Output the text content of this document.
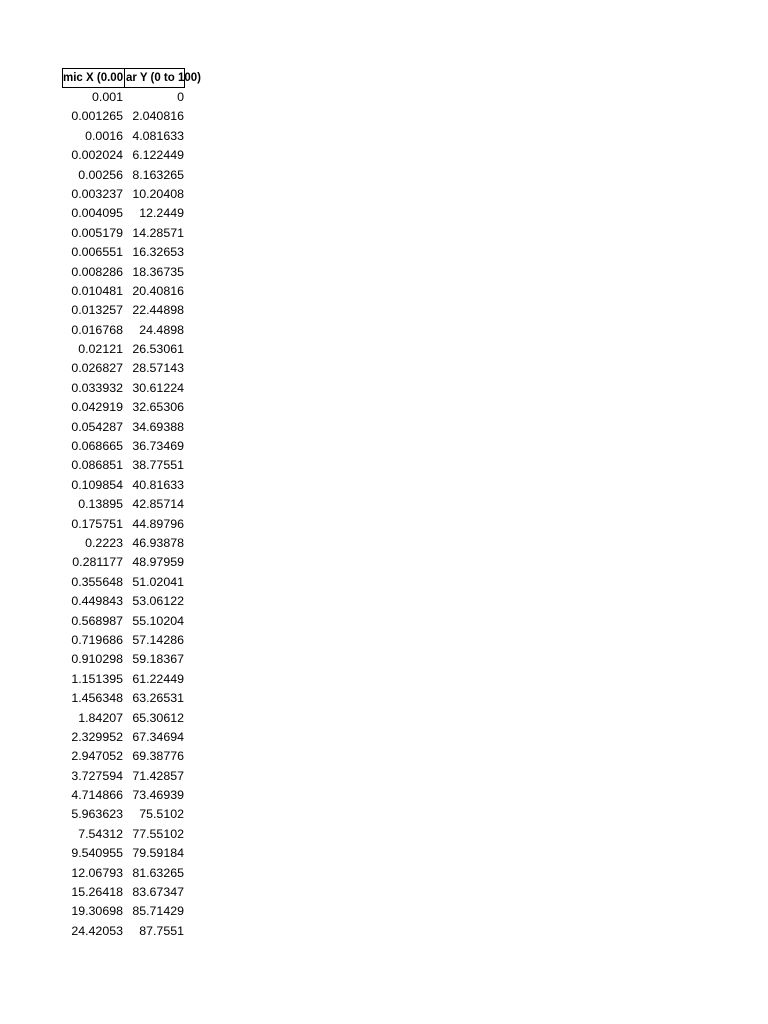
mic X (0.00 ar Y (0 to 100)
0.001	0
0.001265 2.040816
0.0016 4.081633
0.002024 6.122449
0.00256 8.163265
0.003237 10.20408
0.004095	12.2449
0.005179 14.28571
0.006551 16.32653
0.008286 18.36735
0.010481 20.40816
0.013257 22.44898
0.016768	24.4898
0.02121 26.53061
0.026827 28.57143
0.033932 30.61224
0.042919 32.65306
0.054287 34.69388
0.068665 36.73469
0.086851 38.77551
0.109854 40.81633
0.13895 42.85714
0.175751 44.89796
0.2223 46.93878
0.281177 48.97959
0.355648 51.02041
0.449843 53.06122
0.568987 55.10204
0.719686 57.14286
0.910298 59.18367
1.151395 61.22449
1.456348 63.26531
1.84207 65.30612
2.329952 67.34694
2.947052 69.38776
3.727594 71.42857
4.714866 73.46939
5.963623	75.5102
7.54312 77.55102
9.540955 79.59184
12.06793 81.63265
15.26418 83.67347
19.30698 85.71429
24.42053	87.7551
